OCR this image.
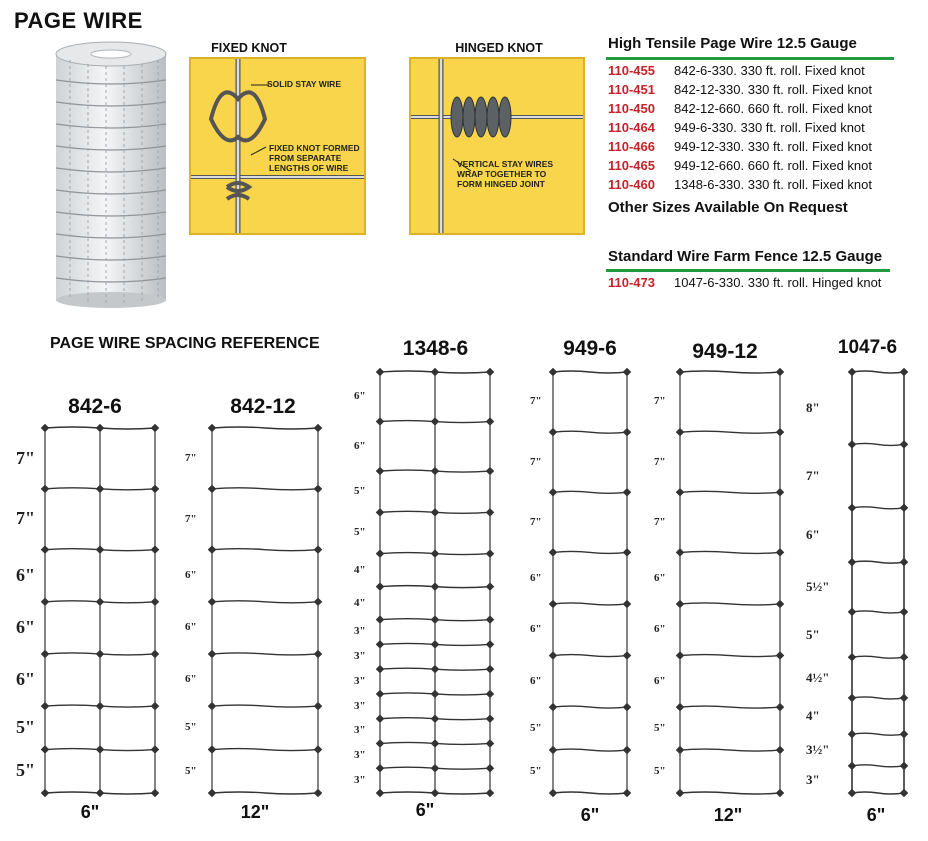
PAGE WIRE
FIXED KNOT
SOLID STAY WIRE
FIXED KNOT FORMED
FROM SEPARATE
LENGTHS OF WIRE
HINGED KNOT
VERTICAL STAY WIRES
WRAP TOGETHER TO
FORM HINGED JOINT
High Tensile Page Wire 12.5 Gauge
110-455 842-6-330. 330 ft. roll. Fixed knot
110-451 842-12-330. 330 ft. roll. Fixed knot
110-450 842-12-660. 660 ft. roll. Fixed knot
110-464 949-6-330. 330 ft. roll. Fixed knot
110-466 949-12-330. 330 ft. roll. Fixed knot
110-465 949-12-660. 660 ft. roll. Fixed knot
110-460 1348-6-330. 330 ft. roll. Fixed knot
Other Sizes Available On Request
Standard Wire Farm Fence 12.5 Gauge
110-473 1047-6-330. 330 ft. roll. Hinged knot
PAGE WIRE SPACING REFERENCE
842-6	842-12
1348-6	949-6	949-12	1047-6
6"	12"	6"	6"	12"	6"
7"
7"
6"
6"
6"
5"
5"
7"
7"
6"
6"
6"
5"
5"
6"
6"
5"
5"
4"
4"
3"
3"
3"
3"
3"
3"
3"
7"
7"
7"
6"
6"
6"
5"
5"
7"
7"
7"
6"
6"
6"
5"
5"
8"
7"
6"
5½"
5"
4½"
4"
3½"
3"
